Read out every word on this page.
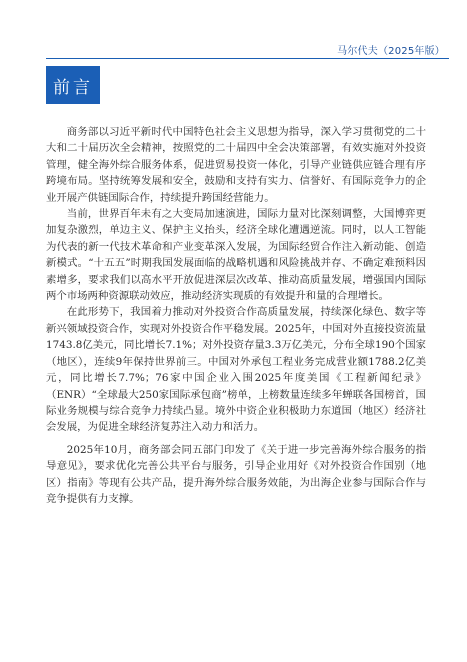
马尔代夫（2025年版）
前言

商务部以习近平新时代中国特色社会主义思想为指导，深入学习贯彻党的二十大和二十届历次全会精神，按照党的二十届四中全会决策部署，有效实施对外投资管理，健全海外综合服务体系，促进贸易投资一体化，引导产业链供应链合理有序跨境布局。坚持统筹发展和安全，鼓励和支持有实力、信誉好、有国际竞争力的企业开展产供链国际合作，持续提升跨国经营能力。

当前，世界百年未有之大变局加速演进，国际力量对比深刻调整，大国博弈更加复杂激烈，单边主义、保护主义抬头，经济全球化遭遇逆流。同时，以人工智能为代表的新一代技术革命和产业变革深入发展，为国际经贸合作注入新动能、创造新模式。“十五五”时期我国发展面临的战略机遇和风险挑战并存、不确定难预料因素增多，要求我们以高水平开放促进深层次改革、推动高质量发展，增强国内国际两个市场两种资源联动效应，推动经济实现质的有效提升和量的合理增长。

在此形势下，我国着力推动对外投资合作高质量发展，持续深化绿色、数字等新兴领域投资合作，实现对外投资合作平稳发展。2025年，中国对外直接投资流量1743.8亿美元，同比增长7.1%；对外投资存量3.3万亿美元，分布全球190个国家（地区），连续9年保持世界前三。中国对外承包工程业务完成营业额1788.2亿美元，同比增长7.7%；76家中国企业入围2025年度美国《工程新闻纪录》（ENR）“全球最大250家国际承包商”榜单，上榜数量连续多年蝉联各国榜首，国际业务规模与综合竞争力持续凸显。境外中资企业积极助力东道国（地区）经济社会发展，为促进全球经济复苏注入动力和活力。

2025年10月，商务部会同五部门印发了《关于进一步完善海外综合服务的指导意见》，要求优化完善公共平台与服务，引导企业用好《对外投资合作国别（地区）指南》等现有公共产品，提升海外综合服务效能，为出海企业参与国际合作与竞争提供有力支撑。
